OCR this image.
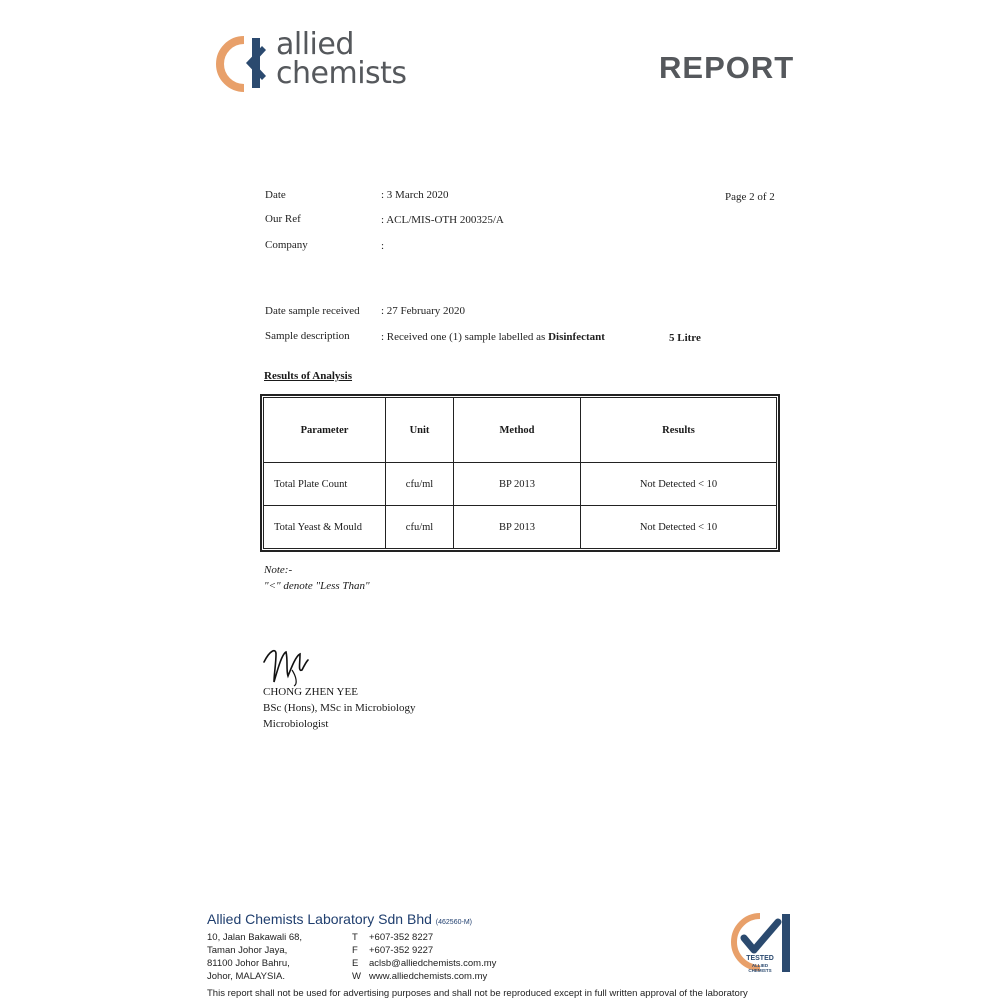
allied
chemists	REPORT
Date	: 3 March 2020	Page 2 of 2
Our Ref	: ACL/MIS-OTH 200325/A
Company	:
Date sample received : 27 February 2020
Sample description	: Received one (1) sample labelled as Disinfectant	5 Litre
Results of Analysis
Parameter	Unit	Method	Results
Total Plate Count	cfu/ml	BP 2013	Not Detected < 10
Total Yeast & Mould	cfu/ml	BP 2013	Not Detected < 10
Note:-
"<" denote "Less Than"
CHONG ZHEN YEE
BSc (Hons), MSc in Microbiology
Microbiologist
Allied Chemists Laboratory Sdn Bhd (462560-M)
10, Jalan Bakawali 68,
Taman Johor Jaya,
81100 Johor Bahru,
Johor, MALAYSIA.
T +607-352 8227
F +607-352 9227
E aclsb@alliedchemists.com.my
W www.alliedchemists.com.my
TESTED
ALLIED
CHEMISTS
This report shall not be used for advertising purposes and shall not be reproduced except in full written approval of the laboratory
